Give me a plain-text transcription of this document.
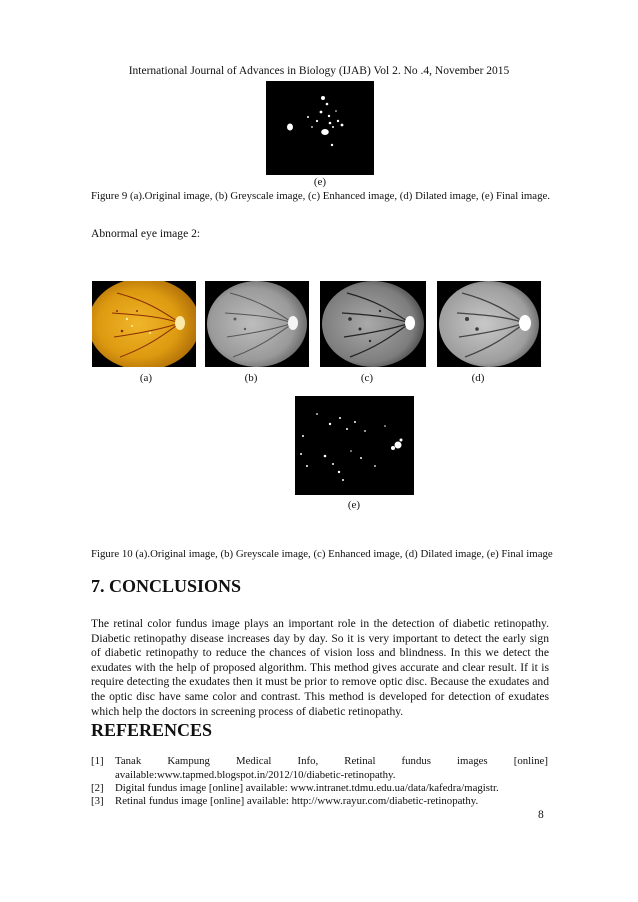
International Journal of Advances in Biology (IJAB) Vol 2. No .4, November 2015
(e)
Figure 9 (a).Original image, (b) Greyscale image, (c) Enhanced image, (d) Dilated image, (e) Final image.
Abnormal eye image 2:
(a)	(b)	(c)	(d)
(e)
Figure 10 (a).Original image, (b) Greyscale image, (c) Enhanced image, (d) Dilated image, (e) Final image
7. CONCLUSIONS
The retinal color fundus image plays an important role in the detection of diabetic retinopathy. Diabetic retinopathy disease increases day by day. So it is very important to detect the early sign of diabetic retinopathy to reduce the chances of vision loss and blindness. In this we detect the exudates with the help of proposed algorithm. This method gives accurate and clear result. If it is require detecting the exudates then it must be prior to remove optic disc. Because the exudates and the optic disc have same color and contrast. This method is developed for detection of exudates which help the doctors in screening process of diabetic retinopathy.
REFERENCES
[1] Tanak Kampung Medical Info, Retinal fundus images [online]
available:www.tapmed.blogspot.in/2012/10/diabetic-retinopathy.
[2] Digital fundus image [online] available: www.intranet.tdmu.edu.ua/data/kafedra/magistr.
[3] Retinal fundus image [online] available: http://www.rayur.com/diabetic-retinopathy.
8
